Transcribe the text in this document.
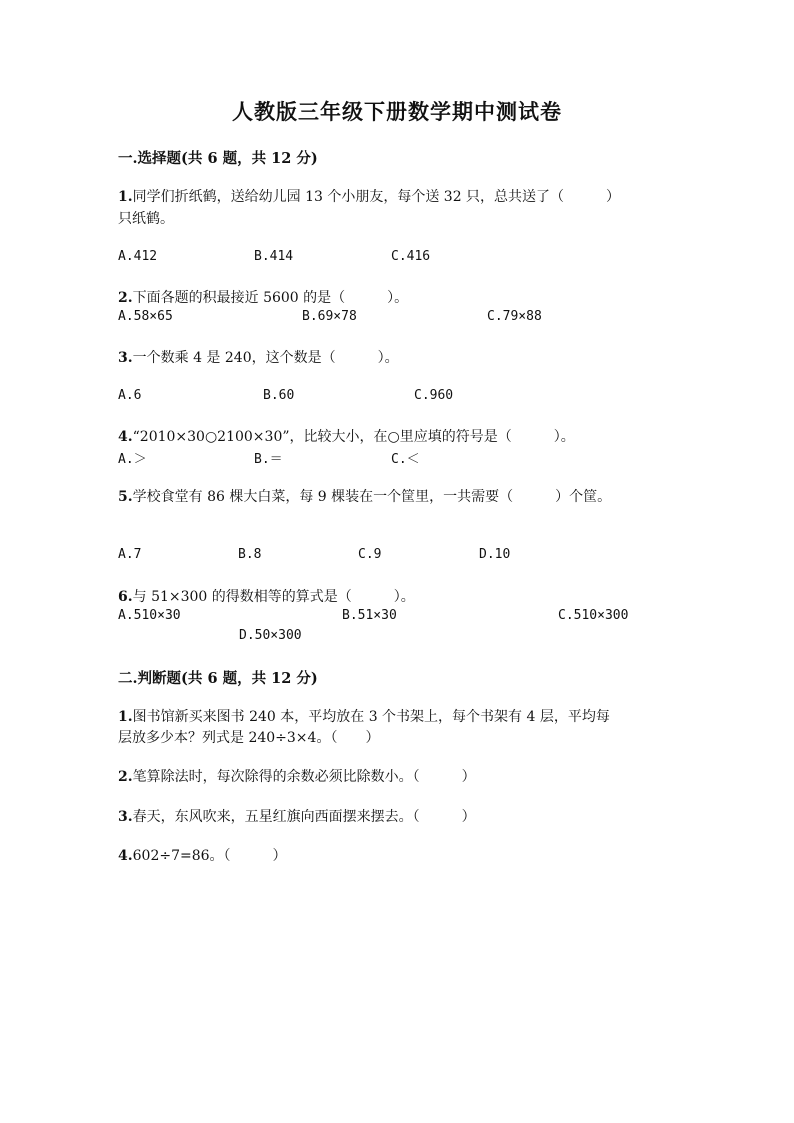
人教版三年级下册数学期中测试卷
一.选择题(共 6 题，共 12 分)
1.同学们折纸鹤，送给幼儿园 13 个小朋友，每个送 32 只，总共送了（　　　）
只纸鹤。
A.412	B.414	C.416
2.下面各题的积最接近 5600 的是（　　　）。
A.58×65	B.69×78	C.79×88
3.一个数乘 4 是 240，这个数是（　　　）。
A.6	B.60	C.960
4.“2010×30○2100×30”，比较大小，在○里应填的符号是（　　　）。
A.＞	B.＝	C.＜
5.学校食堂有 86 棵大白菜，每 9 棵装在一个筐里，一共需要（　　　）个筐。
A.7	B.8	C.9	D.10
6.与 51×300 的得数相等的算式是（　　　）。
A.510×30	B.51×30	C.510×300
D.50×300
二.判断题(共 6 题，共 12 分)
1.图书馆新买来图书 240 本，平均放在 3 个书架上，每个书架有 4 层，平均每
层放多少本？列式是 240÷3×4。（　　）
2.笔算除法时，每次除得的余数必须比除数小。（　　　）
3.春天，东风吹来，五星红旗向西面摆来摆去。（　　　）
4.602÷7=86。（　　　）
